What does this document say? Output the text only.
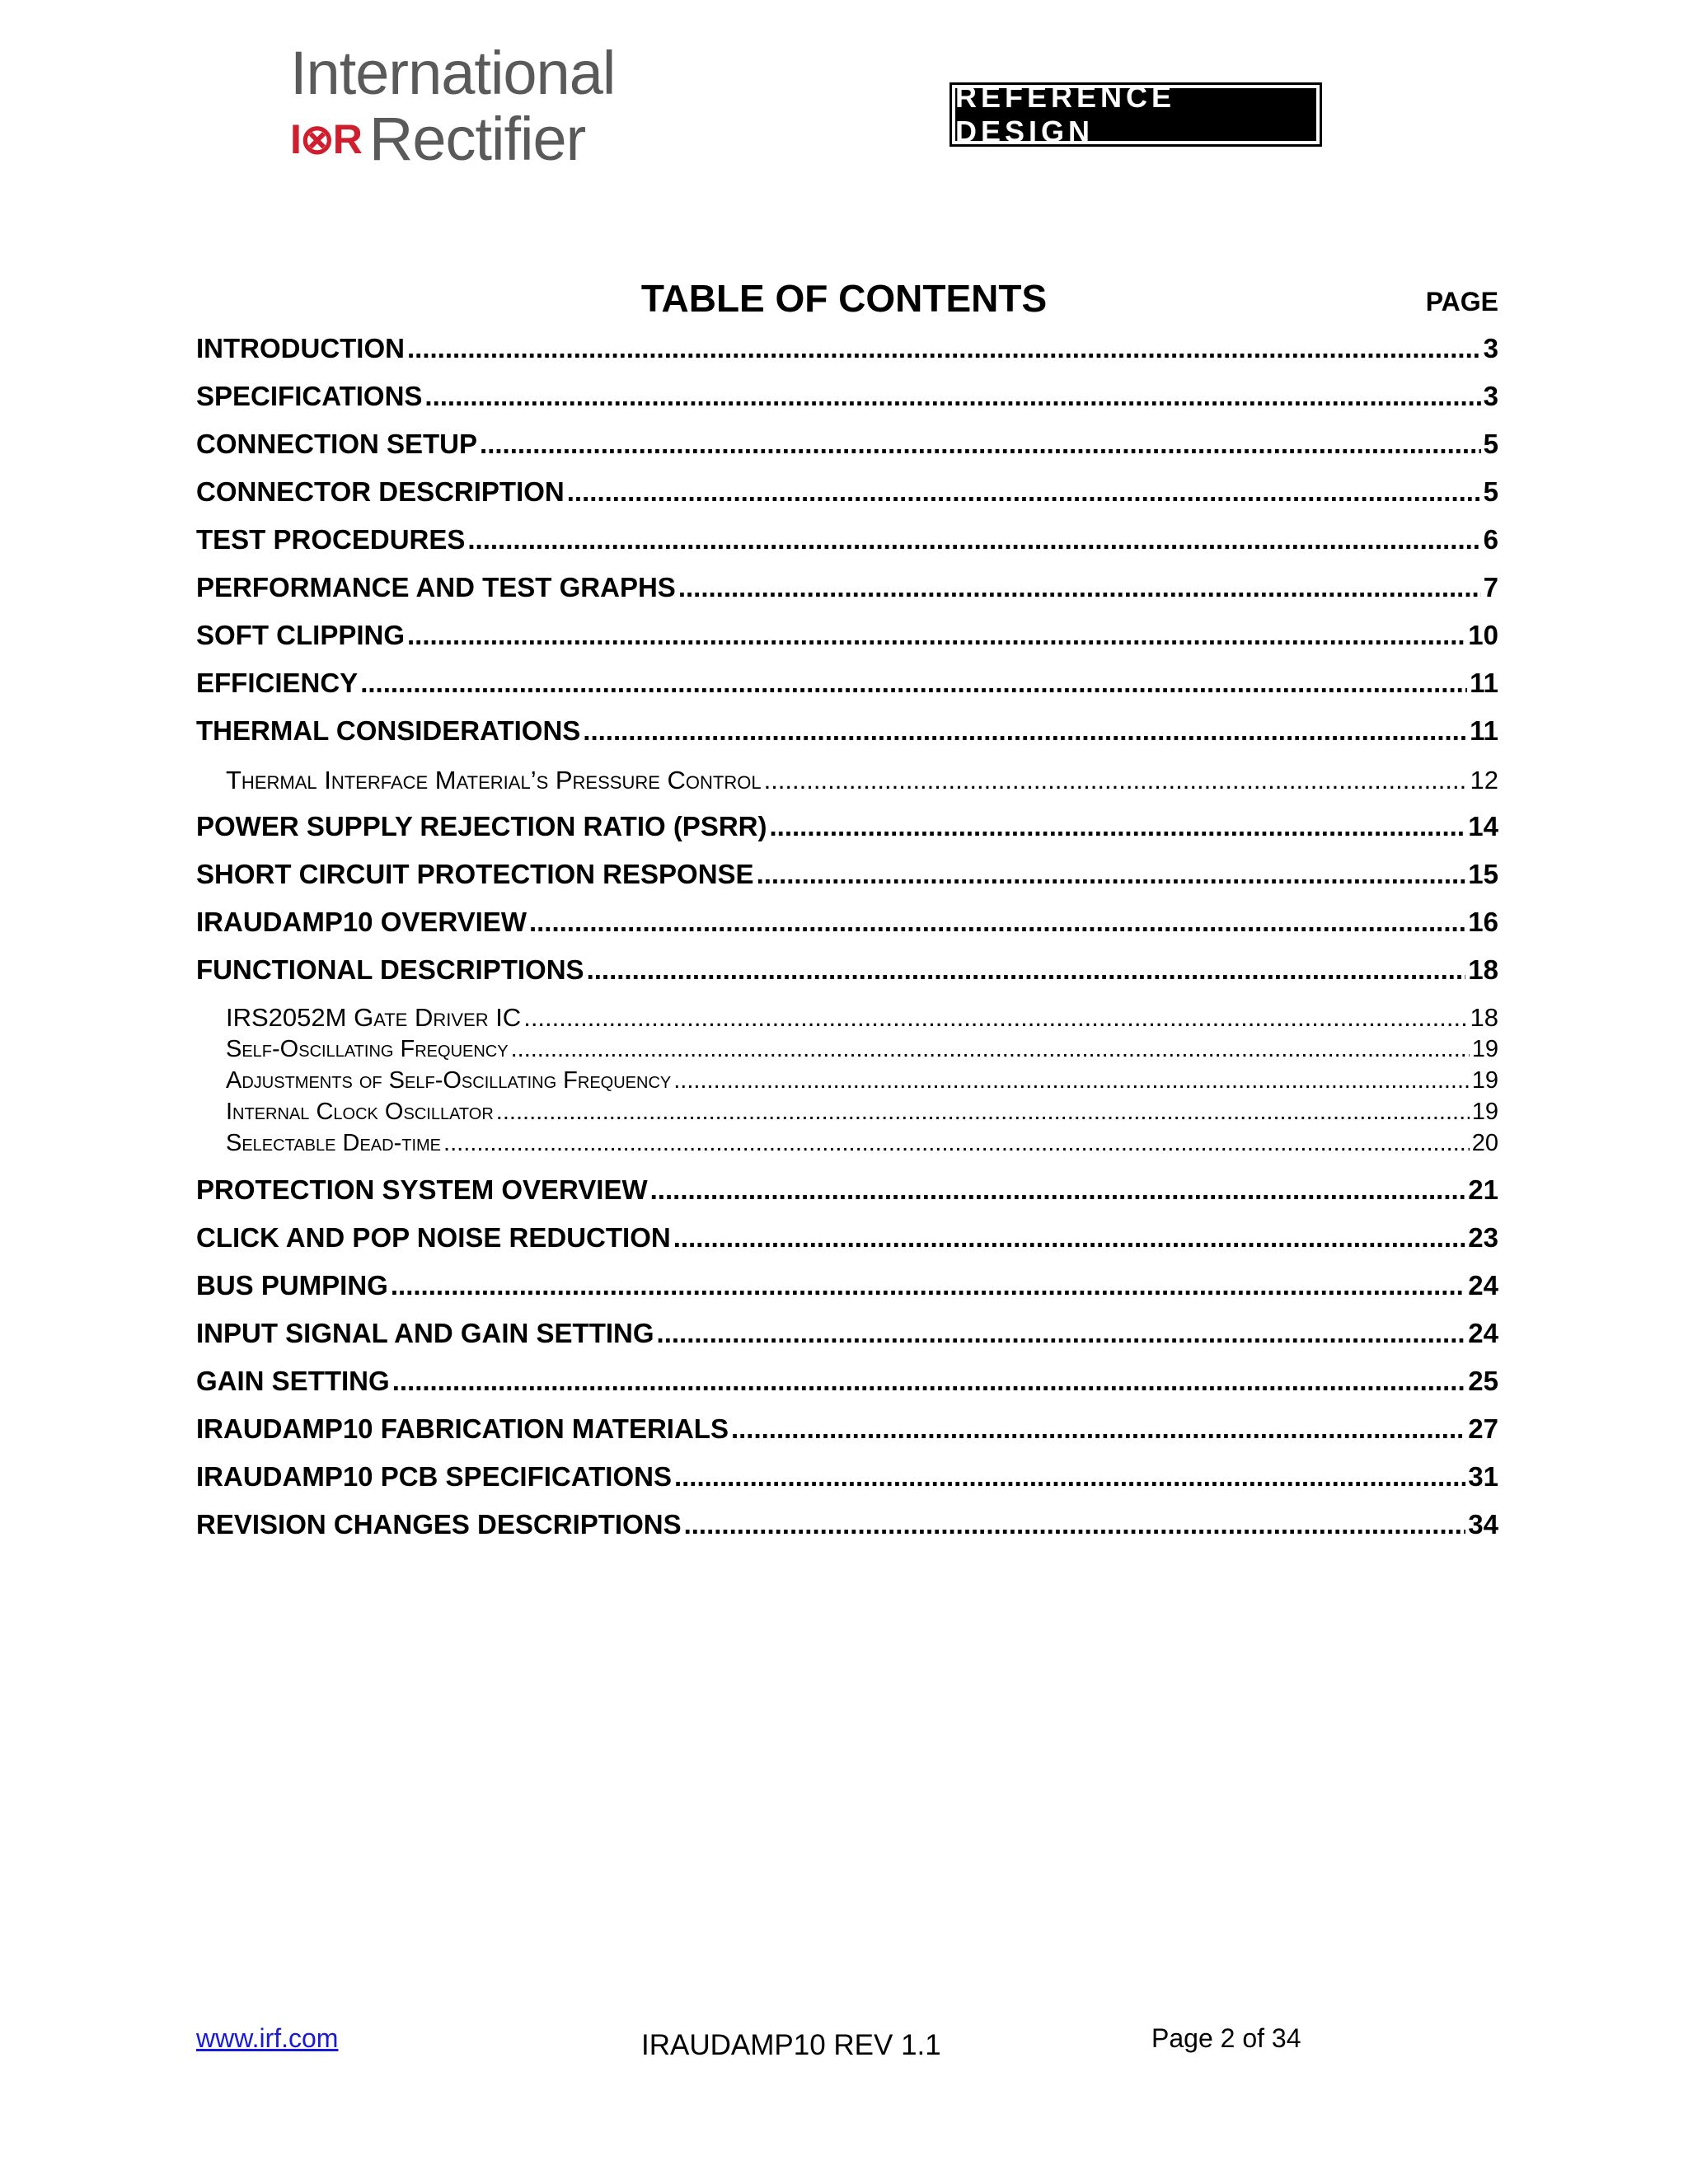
International
I⊗R Rectifier
REFERENCE DESIGN
TABLE OF CONTENTS	PAGE
INTRODUCTION .....	3
SPECIFICATIONS .....	3
CONNECTION SETUP .....	5
CONNECTOR DESCRIPTION .....	5
TEST PROCEDURES .....	6
PERFORMANCE AND TEST GRAPHS .....	7
SOFT CLIPPING .....	10
EFFICIENCY .....	11
THERMAL CONSIDERATIONS .....	11
Thermal Interface Material’s Pressure Control .....	12
POWER SUPPLY REJECTION RATIO (PSRR) .....	14
SHORT CIRCUIT PROTECTION RESPONSE .....	15
IRAUDAMP10 OVERVIEW .....	16
FUNCTIONAL DESCRIPTIONS .....	18
IRS2052M Gate Driver IC .....	18
Self-Oscillating Frequency .....	19
Adjustments of Self-Oscillating Frequency .....	19
Internal Clock Oscillator .....	19
Selectable Dead-time .....	20
PROTECTION SYSTEM OVERVIEW .....	21
CLICK AND POP NOISE REDUCTION .....	23
BUS PUMPING .....	24
INPUT SIGNAL AND GAIN SETTING .....	24
GAIN SETTING .....	25
IRAUDAMP10 FABRICATION MATERIALS .....	27
IRAUDAMP10 PCB SPECIFICATIONS .....	31
REVISION CHANGES DESCRIPTIONS .....	34
www.irf.com	IRAUDAMP10 REV 1.1	Page 2 of 34
